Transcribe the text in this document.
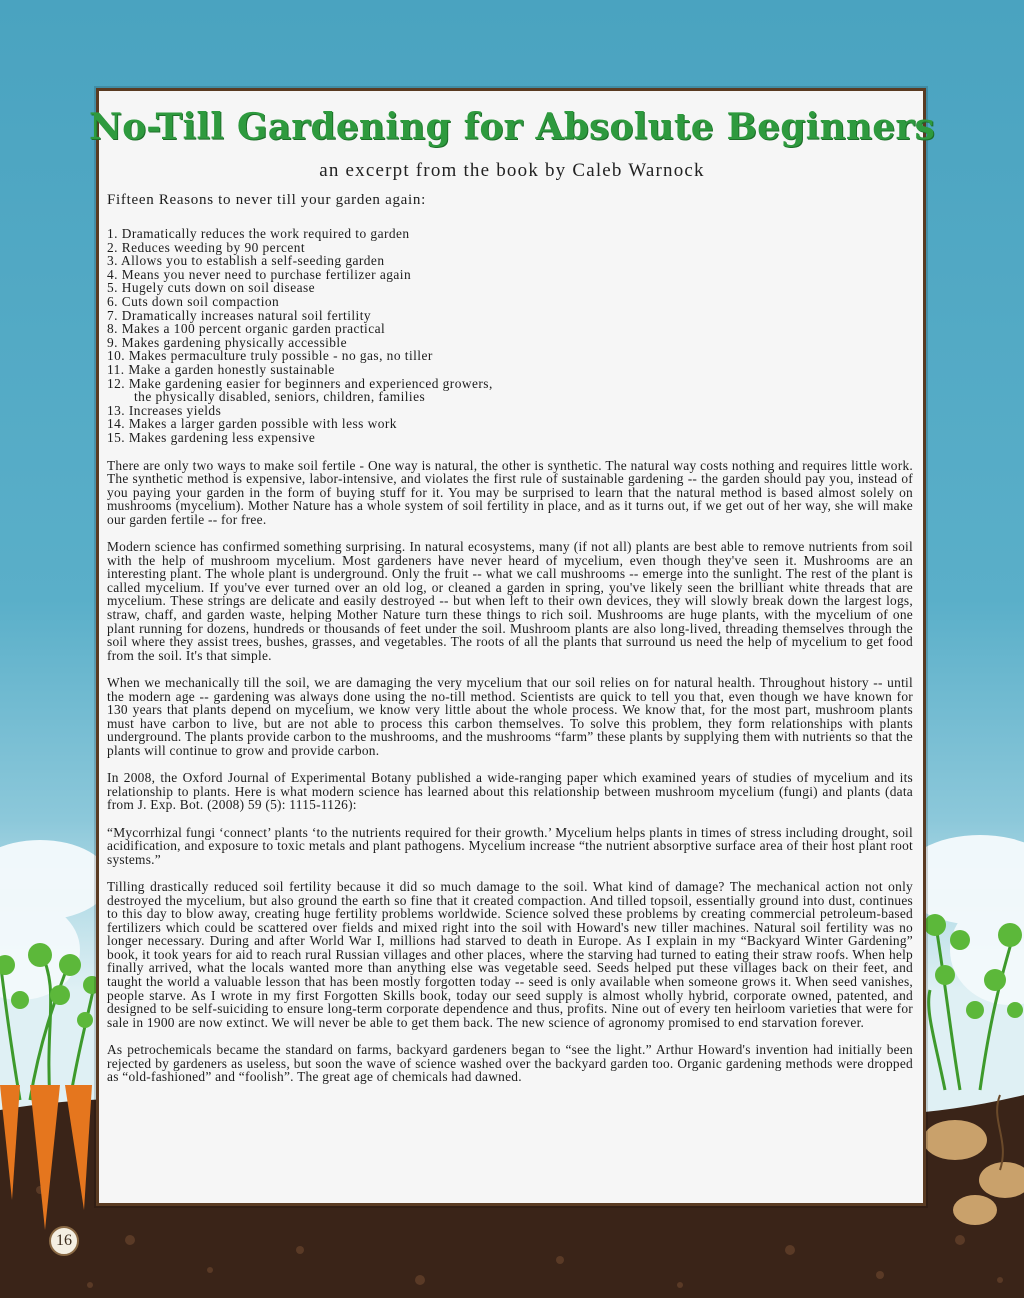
No-Till Gardening for Absolute Beginners

an excerpt from the book by Caleb Warnock

Fifteen Reasons to never till your garden again:

1. Dramatically reduces the work required to garden
2. Reduces weeding by 90 percent
3. Allows you to establish a self-seeding garden
4. Means you never need to purchase fertilizer again
5. Hugely cuts down on soil disease
6. Cuts down soil compaction
7. Dramatically increases natural soil fertility
8. Makes a 100 percent organic garden practical
9. Makes gardening physically accessible
10. Makes permaculture truly possible - no gas, no tiller
11. Make a garden honestly sustainable
12. Make gardening easier for beginners and experienced growers,
the physically disabled, seniors, children, families
13. Increases yields
14. Makes a larger garden possible with less work
15. Makes gardening less expensive

There are only two ways to make soil fertile - One way is natural, the other is synthetic. The natural way costs nothing and requires little work. The synthetic method is expensive, labor-intensive, and violates the first rule of sustainable gardening -- the garden should pay you, instead of you paying your garden in the form of buying stuff for it. You may be surprised to learn that the natural method is based almost solely on mushrooms (mycelium). Mother Nature has a whole system of soil fertility in place, and as it turns out, if we get out of her way, she will make our garden fertile -- for free.

Modern science has confirmed something surprising. In natural ecosystems, many (if not all) plants are best able to remove nutrients from soil with the help of mushroom mycelium. Most gardeners have never heard of mycelium, even though they've seen it. Mushrooms are an interesting plant. The whole plant is underground. Only the fruit -- what we call mushrooms -- emerge into the sunlight. The rest of the plant is called mycelium. If you've ever turned over an old log, or cleaned a garden in spring, you've likely seen the brilliant white threads that are mycelium. These strings are delicate and easily destroyed -- but when left to their own devices, they will slowly break down the largest logs, straw, chaff, and garden waste, helping Mother Nature turn these things to rich soil. Mushrooms are huge plants, with the mycelium of one plant running for dozens, hundreds or thousands of feet under the soil. Mushroom plants are also long-lived, threading themselves through the soil where they assist trees, bushes, grasses, and vegetables. The roots of all the plants that surround us need the help of mycelium to get food from the soil. It's that simple.

When we mechanically till the soil, we are damaging the very mycelium that our soil relies on for natural health. Throughout history -- until the modern age -- gardening was always done using the no-till method. Scientists are quick to tell you that, even though we have known for 130 years that plants depend on mycelium, we know very little about the whole process. We know that, for the most part, mushroom plants must have carbon to live, but are not able to process this carbon themselves. To solve this problem, they form relationships with plants underground. The plants provide carbon to the mushrooms, and the mushrooms “farm” these plants by supplying them with nutrients so that the plants will continue to grow and provide carbon.

In 2008, the Oxford Journal of Experimental Botany published a wide-ranging paper which examined years of studies of mycelium and its relationship to plants. Here is what modern science has learned about this relationship between mushroom mycelium (fungi) and plants (data from J. Exp. Bot. (2008) 59 (5): 1115-1126):

“Mycorrhizal fungi ‘connect’ plants ‘to the nutrients required for their growth.’ Mycelium helps plants in times of stress including drought, soil acidification, and exposure to toxic metals and plant pathogens. Mycelium increase “the nutrient absorptive surface area of their host plant root systems.”

Tilling drastically reduced soil fertility because it did so much damage to the soil. What kind of damage? The mechanical action not only destroyed the mycelium, but also ground the earth so fine that it created compaction. And tilled topsoil, essentially ground into dust, continues to this day to blow away, creating huge fertility problems worldwide. Science solved these problems by creating commercial petroleum-based fertilizers which could be scattered over fields and mixed right into the soil with Howard's new tiller machines. Natural soil fertility was no longer necessary. During and after World War I, millions had starved to death in Europe. As I explain in my “Backyard Winter Gardening” book, it took years for aid to reach rural Russian villages and other places, where the starving had turned to eating their straw roofs. When help finally arrived, what the locals wanted more than anything else was vegetable seed. Seeds helped put these villages back on their feet, and taught the world a valuable lesson that has been mostly forgotten today -- seed is only available when someone grows it. When seed vanishes, people starve. As I wrote in my first Forgotten Skills book, today our seed supply is almost wholly hybrid, corporate owned, patented, and designed to be self-suiciding to ensure long-term corporate dependence and thus, profits. Nine out of every ten heirloom varieties that were for sale in 1900 are now extinct. We will never be able to get them back. The new science of agronomy promised to end starvation forever.

As petrochemicals became the standard on farms, backyard gardeners began to “see the light.” Arthur Howard's invention had initially been rejected by gardeners as useless, but soon the wave of science washed over the backyard garden too. Organic gardening methods were dropped as “old-fashioned” and “foolish”. The great age of chemicals had dawned.

16
